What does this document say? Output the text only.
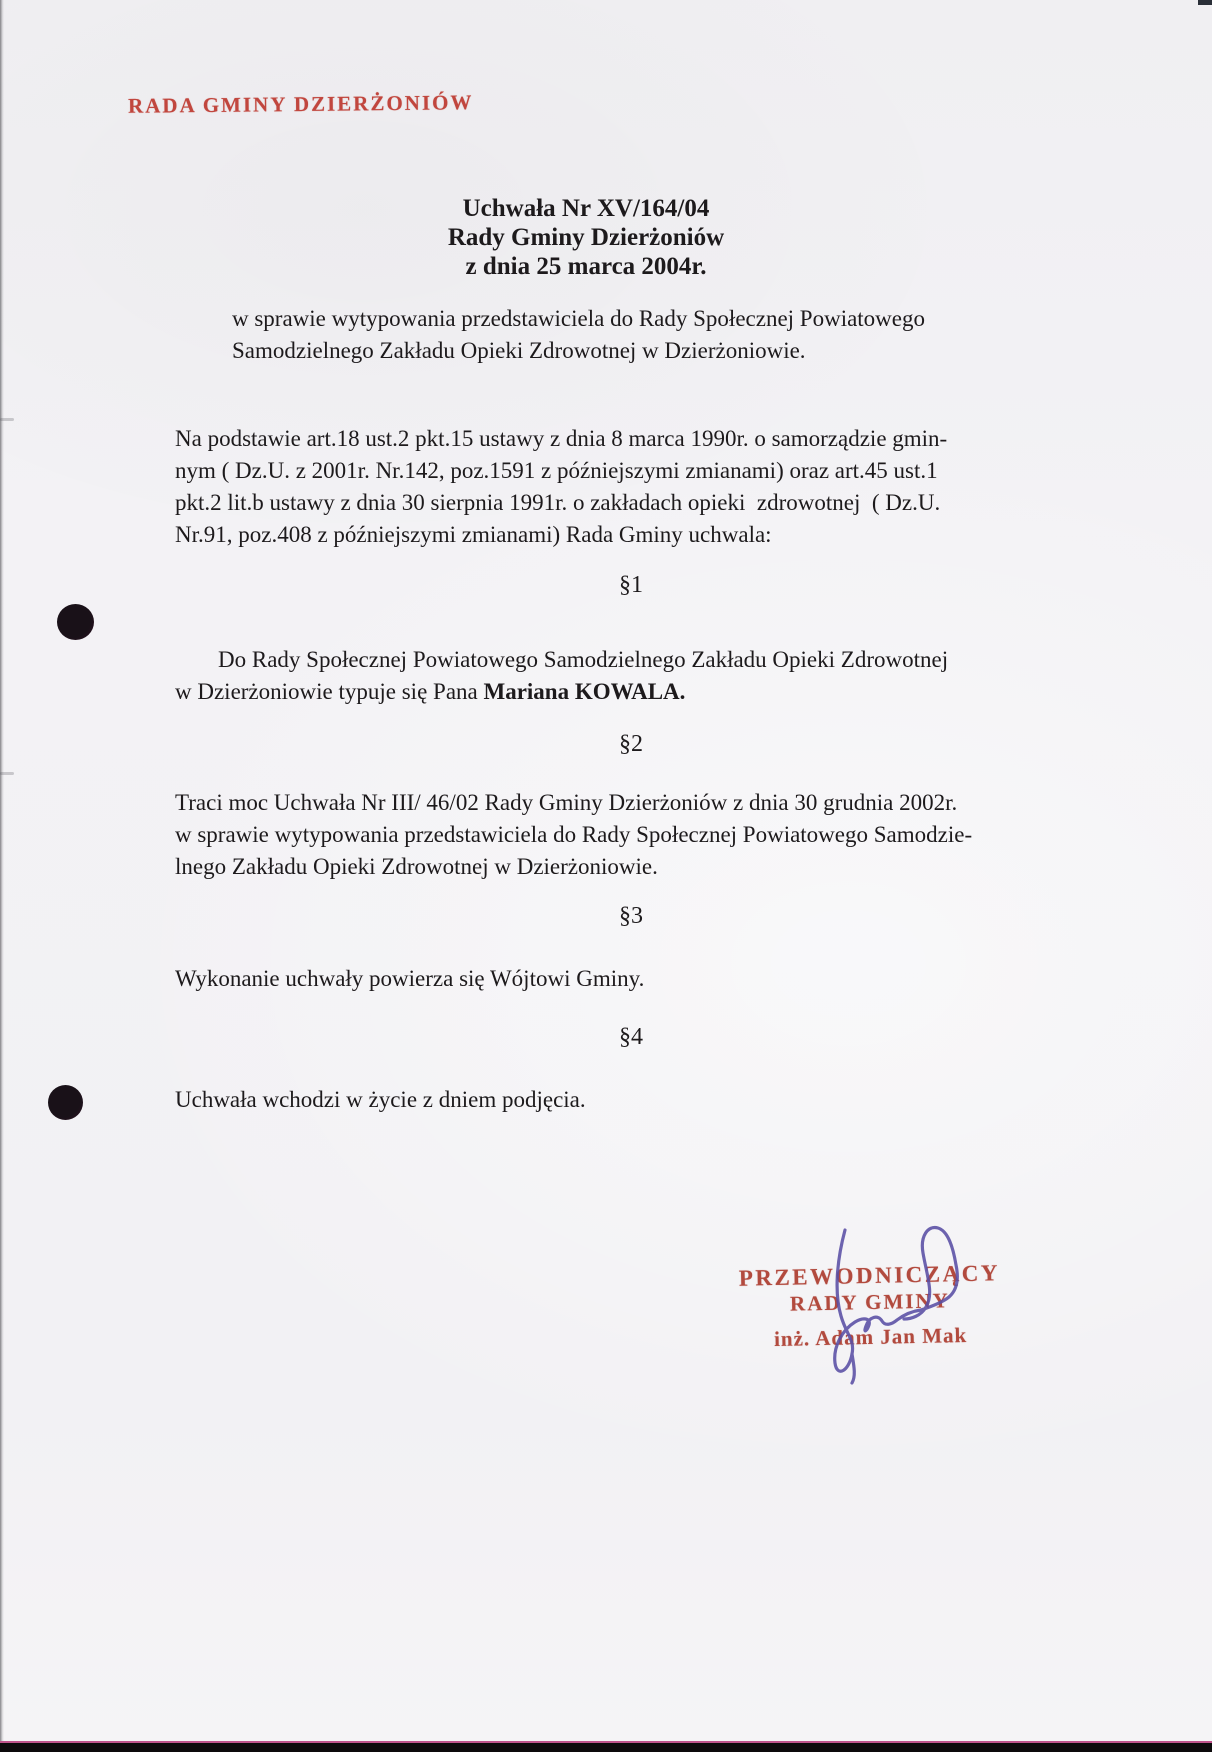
RADA GMINY DZIERŻONIÓW
Uchwała Nr XV/164/04
Rady Gminy Dzierżoniów
z dnia 25 marca 2004r.
w sprawie wytypowania przedstawiciela do Rady Społecznej Powiatowego
Samodzielnego Zakładu Opieki Zdrowotnej w Dzierżoniowie.
Na podstawie art.18 ust.2 pkt.15 ustawy z dnia 8 marca 1990r. o samorządzie gmin-
nym ( Dz.U. z 2001r. Nr.142, poz.1591 z późniejszymi zmianami) oraz art.45 ust.1
pkt.2 lit.b ustawy z dnia 30 sierpnia 1991r. o zakładach opieki  zdrowotnej  ( Dz.U.
Nr.91, poz.408 z późniejszymi zmianami) Rada Gminy uchwala:
§1
Do Rady Społecznej Powiatowego Samodzielnego Zakładu Opieki Zdrowotnej
w Dzierżoniowie typuje się Pana Mariana KOWALA.
§2
Traci moc Uchwała Nr III/ 46/02 Rady Gminy Dzierżoniów z dnia 30 grudnia 2002r.
w sprawie wytypowania przedstawiciela do Rady Społecznej Powiatowego Samodzie-
lnego Zakładu Opieki Zdrowotnej w Dzierżoniowie.
§3
Wykonanie uchwały powierza się Wójtowi Gminy.
§4
Uchwała wchodzi w życie z dniem podjęcia.
PRZEWODNICZĄCY
RADY GMINY
inż. Adam Jan Mak
